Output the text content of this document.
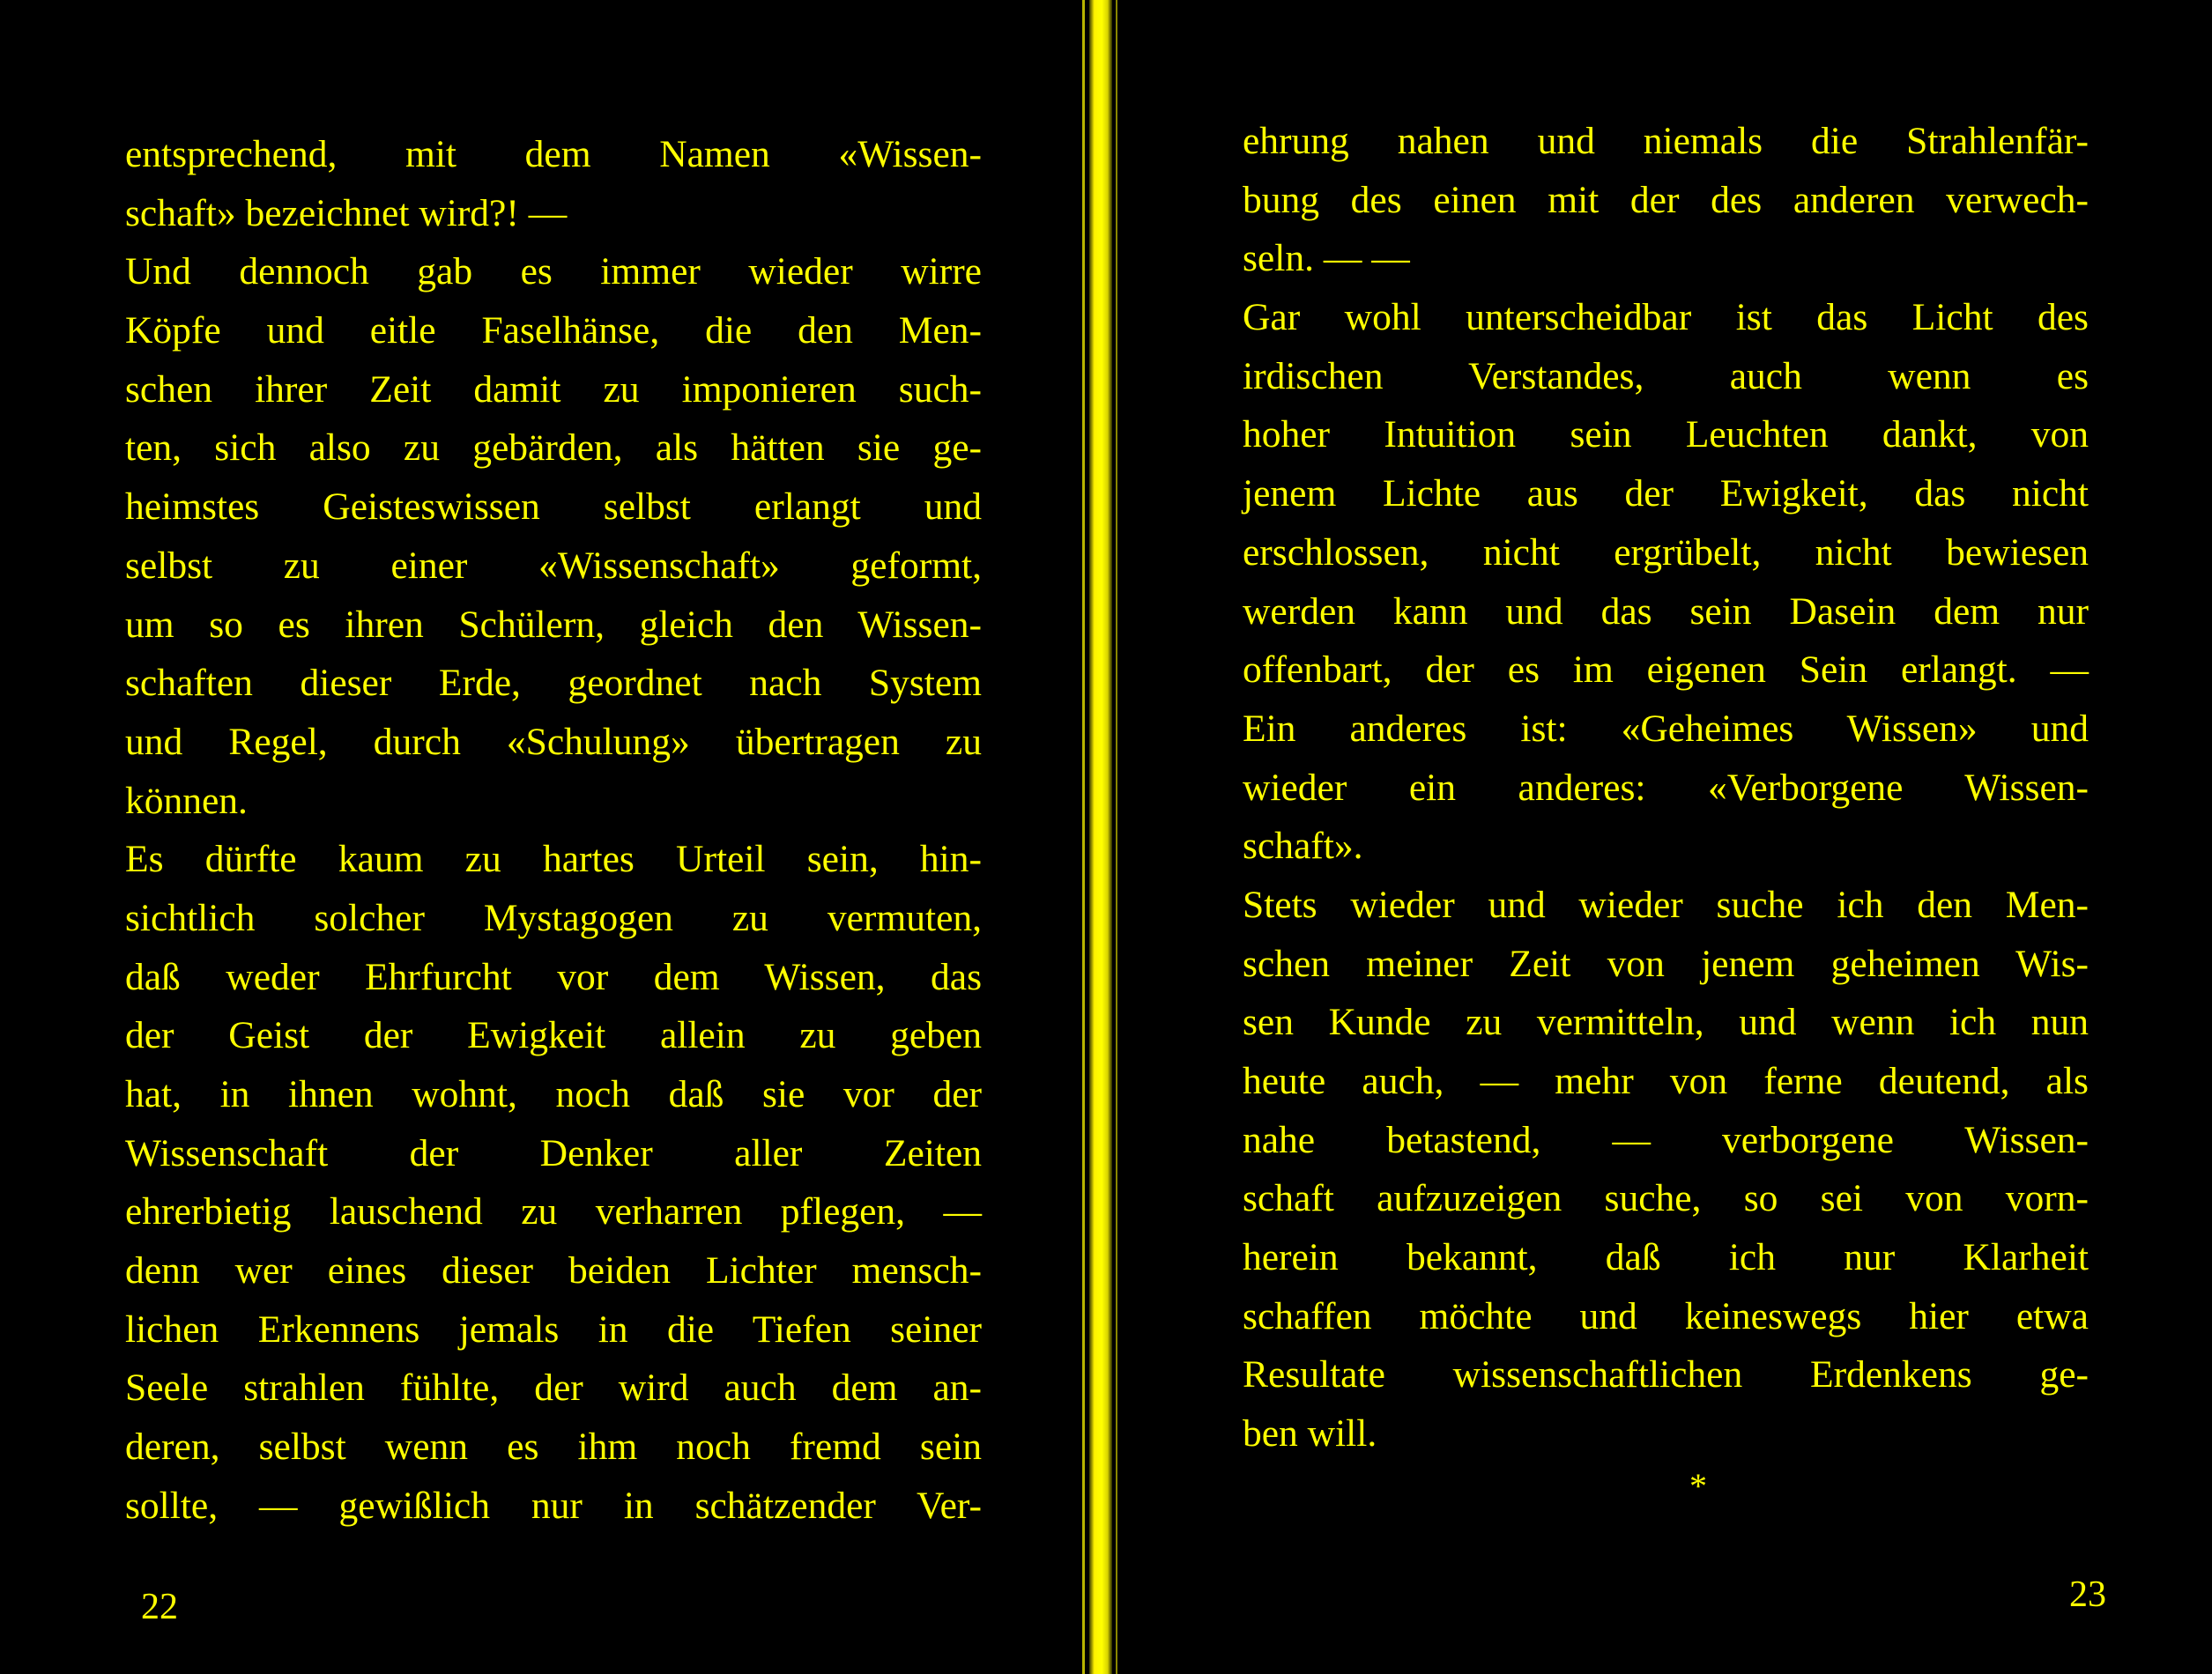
entsprechend, mit dem Namen «Wissen-
schaft» bezeichnet wird?! —
Und dennoch gab es immer wieder wirre
Köpfe und eitle Faselhänse, die den Men-
schen ihrer Zeit damit zu imponieren such-
ten, sich also zu gebärden, als hätten sie ge-
heimstes Geisteswissen selbst erlangt und
selbst zu einer «Wissenschaft» geformt,
um so es ihren Schülern, gleich den Wissen-
schaften dieser Erde, geordnet nach System
und Regel, durch «Schulung» übertragen zu
können.
Es dürfte kaum zu hartes Urteil sein, hin-
sichtlich solcher Mystagogen zu vermuten,
daß weder Ehrfurcht vor dem Wissen, das
der Geist der Ewigkeit allein zu geben
hat, in ihnen wohnt, noch daß sie vor der
Wissenschaft der Denker aller Zeiten
ehrerbietig lauschend zu verharren pflegen, —
denn wer eines dieser beiden Lichter mensch-
lichen Erkennens jemals in die Tiefen seiner
Seele strahlen fühlte, der wird auch dem an-
deren, selbst wenn es ihm noch fremd sein
sollte, — gewißlich nur in schätzender Ver-
22
ehrung nahen und niemals die Strahlenfär-
bung des einen mit der des anderen verwech-
seln. — —
Gar wohl unterscheidbar ist das Licht des
irdischen Verstandes, auch wenn es
hoher Intuition sein Leuchten dankt, von
jenem Lichte aus der Ewigkeit, das nicht
erschlossen, nicht ergrübelt, nicht bewiesen
werden kann und das sein Dasein dem nur
offenbart, der es im eigenen Sein erlangt. —
Ein anderes ist: «Geheimes Wissen» und
wieder ein anderes: «Verborgene Wissen-
schaft».
Stets wieder und wieder suche ich den Men-
schen meiner Zeit von jenem geheimen Wis-
sen Kunde zu vermitteln, und wenn ich nun
heute auch, — mehr von ferne deutend, als
nahe betastend, — verborgene Wissen-
schaft aufzuzeigen suche, so sei von vorn-
herein bekannt, daß ich nur Klarheit
schaffen möchte und keineswegs hier etwa
Resultate wissenschaftlichen Erdenkens ge-
ben will.
*
23
